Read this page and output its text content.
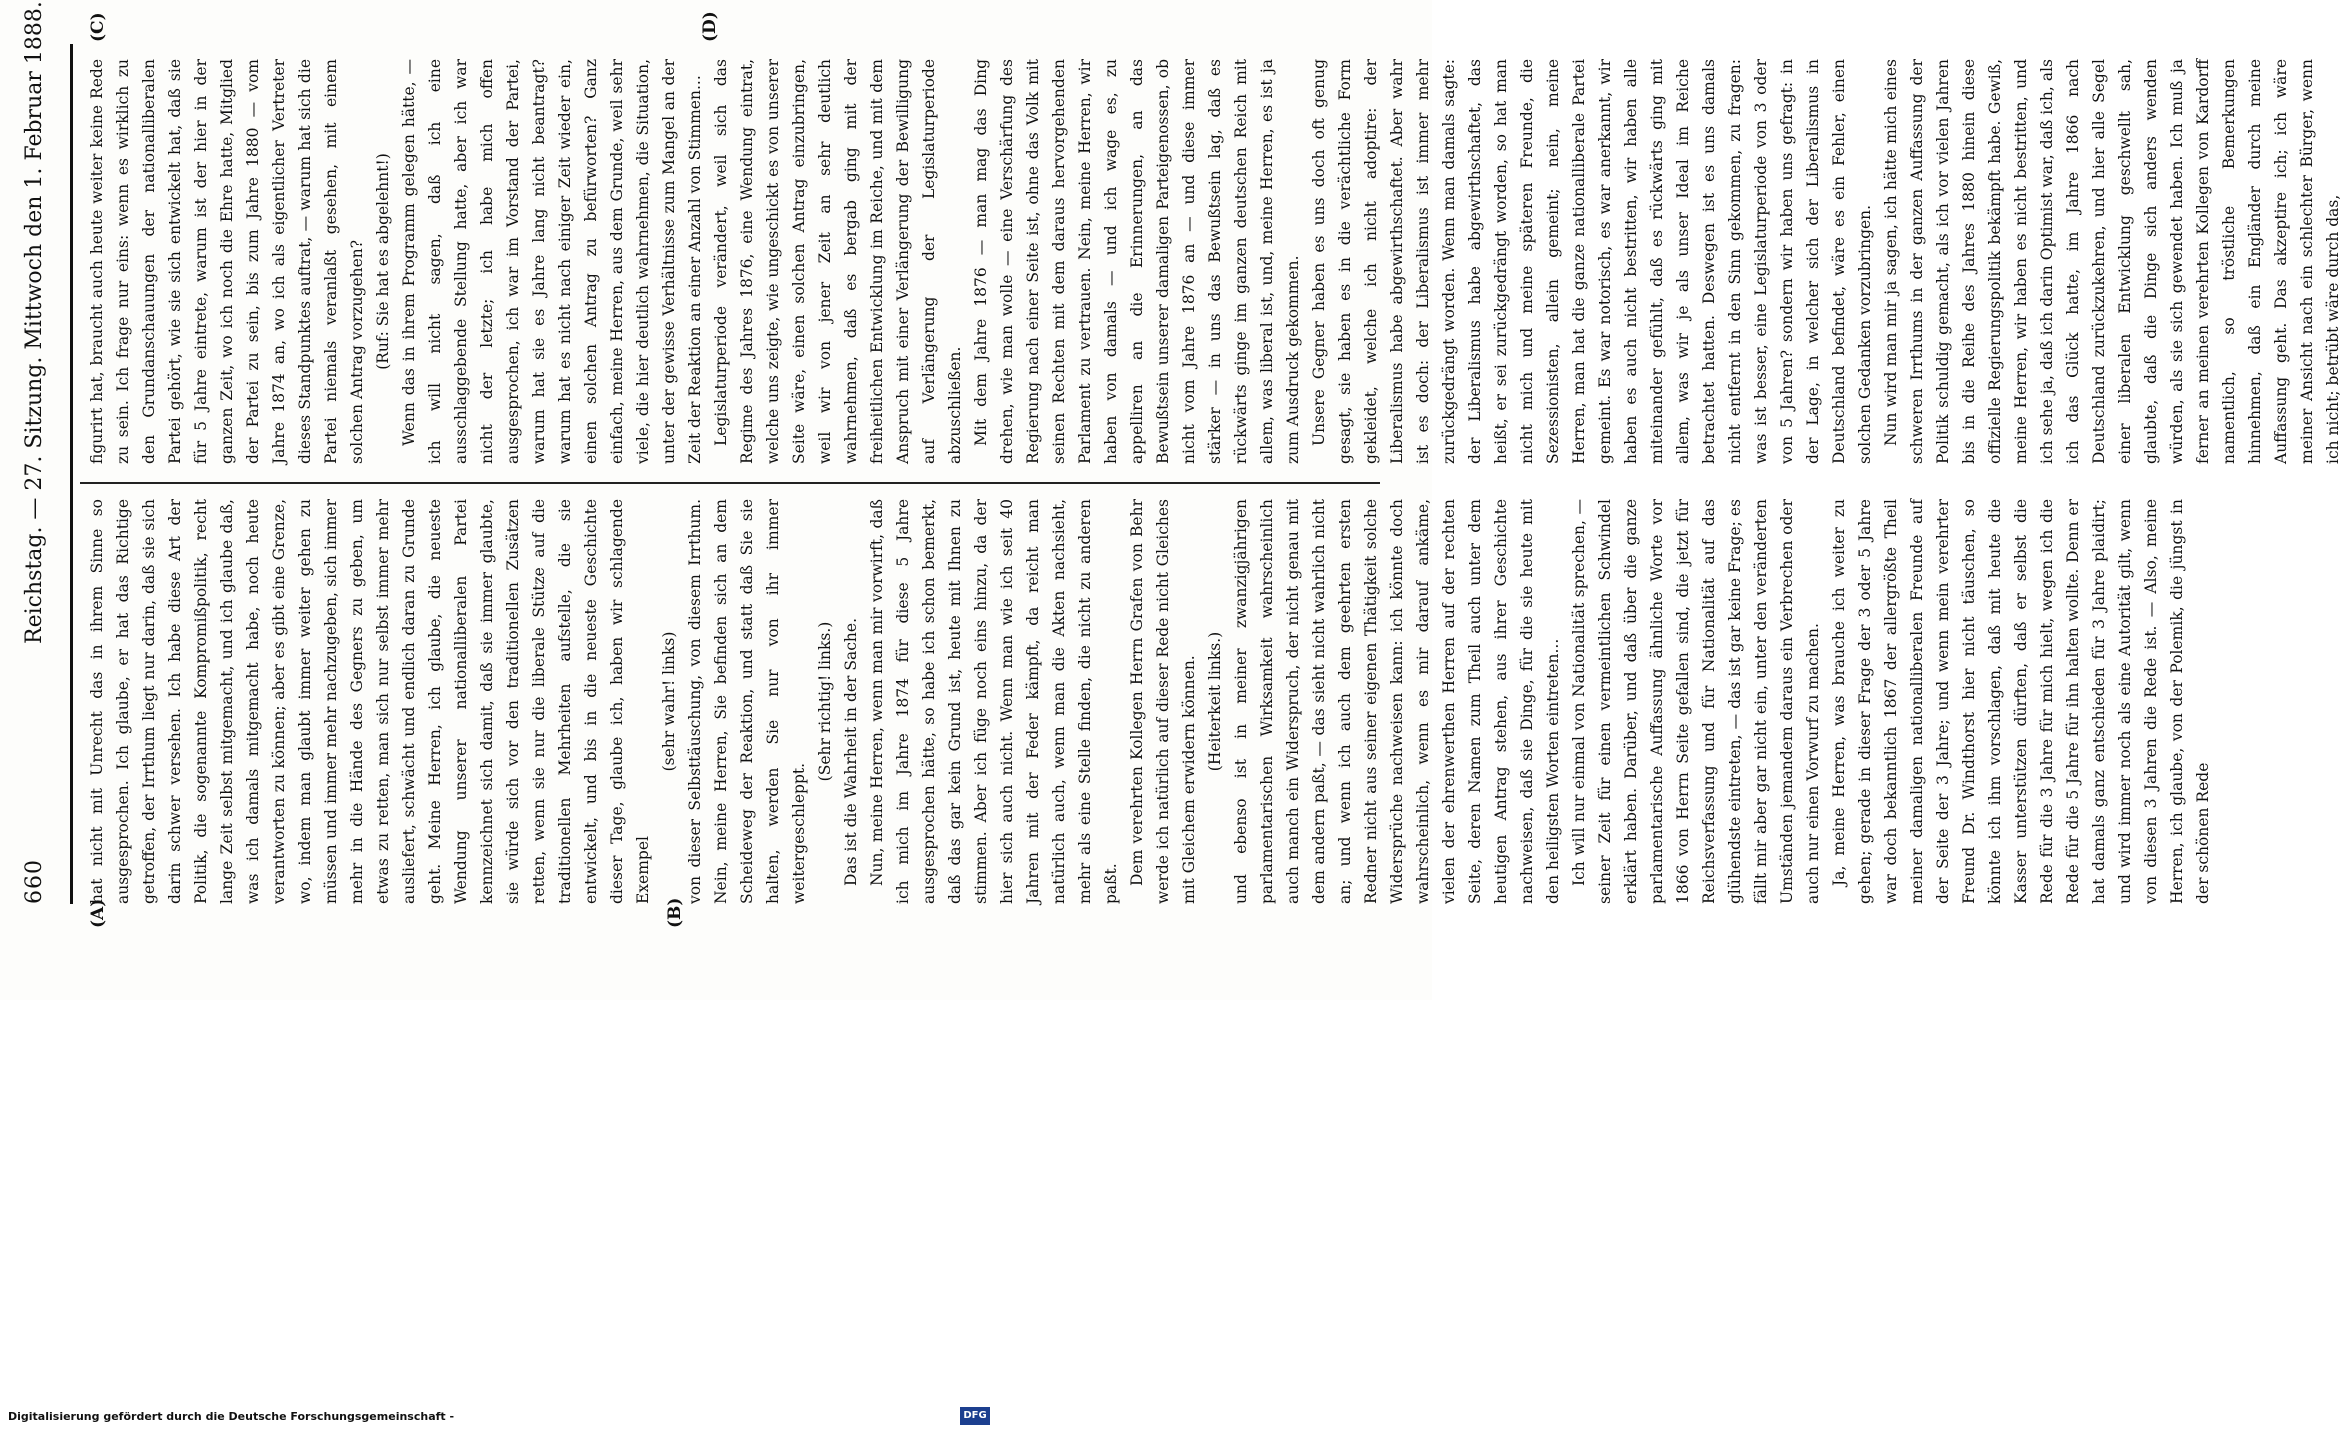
660
Reichstag. — 27. Sitzung. Mittwoch den 1. Februar 1888.
(A)	(B)
(C)	(D)

hat nicht mit Unrecht das in ihrem Sinne so ausgesprochen. Ich glaube, er hat das Richtige getroffen, der Irrthum liegt nur darin, daß sie sich darin schwer versehen. Ich habe diese Art der Politik, die sogenannte Kompromißpolitik, recht lange Zeit selbst mitgemacht, und ich glaube daß, was ich damals mitgemacht habe, noch heute verantworten zu können; aber es gibt eine Grenze, wo, indem man glaubt immer weiter gehen zu müssen und immer mehr nachzugeben, sich immer mehr in die Hände des Gegners zu geben, um etwas zu retten, man sich nur selbst immer mehr ausliefert, schwächt und endlich daran zu Grunde geht. Meine Herren, ich glaube, die neueste Wendung unserer nationalliberalen Partei kennzeichnet sich damit, daß sie immer glaubte, sie würde sich vor den traditionellen Zusätzen retten, wenn sie nur die liberale Stütze auf die traditionellen Mehrheiten aufstelle, die sie entwickelt, und bis in die neueste Geschichte dieser Tage, glaube ich, haben wir schlagende Exempel

(sehr wahr! links) von dieser Selbsttäuschung, von diesem Irrthum. Nein, meine Herren, Sie befinden sich an dem Scheideweg der Reaktion, und statt daß Sie sie halten, werden Sie nur von ihr immer weitergeschleppt.

(Sehr richtig! links.) Das ist die Wahrheit in der Sache. Nun, meine Herren, wenn man mir vorwirft, daß ich mich im Jahre 1874 für diese 5 Jahre ausgesprochen hätte, so habe ich schon bemerkt, daß das gar kein Grund ist, heute mit Ihnen zu stimmen. Aber ich füge noch eins hinzu, da der hier sich auch nicht. Wenn man wie ich seit 40 Jahren mit der Feder kämpft, da reicht man natürlich auch, wenn man die Akten nachsieht, mehr als eine Stelle finden, die nicht zu anderen paßt. Dem verehrten Kollegen Herrn Grafen von Behr werde ich natürlich auf dieser Rede nicht Gleiches mit Gleichem erwidern können. (Heiterkeit links.) und ebenso ist in meiner zwanzigjährigen parlamentarischen Wirksamkeit wahrscheinlich auch manch ein Widerspruch, der nicht genau mit dem andern paßt, — das sieht nicht wahrlich nicht an; und wenn ich auch dem geehrten ersten Redner nicht aus seiner eigenen Thätigkeit solche Widersprüche nachweisen kann: ich könnte doch wahrscheinlich, wenn es mir darauf ankäme, vielen der ehrenwerthen Herren auf der rechten Seite, deren Namen zum Theil auch unter dem heutigen Antrag stehen, aus ihrer Geschichte nachweisen, daß sie Dinge, für die sie heute mit den heiligsten Worten eintreten... Ich will nur einmal von Nationalität sprechen, — seiner Zeit für einen vermeintlichen Schwindel erklärt haben. Darüber, und daß über die ganze parlamentarische Auffassung ähnliche Worte vor 1866 von Herrn Seite gefallen sind, die jetzt für Reichsverfassung und für Nationalität auf das glühendste eintreten, — das ist gar keine Frage; es fällt mir aber gar nicht ein, unter den veränderten Umständen jemandem daraus ein Verbrechen oder auch nur einen Vorwurf zu machen. Ja, meine Herren, was brauche ich weiter zu gehen; gerade in dieser Frage der 3 oder 5 Jahre war doch bekanntlich 1867 der allergrößte Theil meiner damaligen nationalliberalen Freunde auf der Seite der 3 Jahre; und wenn mein verehrter Freund Dr. Windthorst hier nicht täuschen, so könnte ich ihm vorschlagen, daß mit heute die Kasser unterstützen dürften, daß er selbst die Rede für die 3 Jahre für mich hielt, wegen ich die Rede für die 5 Jahre für ihn halten wollte. Denn er hat damals ganz entschieden für 3 Jahre plaidirt; und wird immer noch als eine Autorität gilt, wenn von diesen 3 Jahren die Rede ist. — Also, meine Herren, ich glaube, von der Polemik, die jüngst in der schönen Rede

figurirt hat, braucht auch heute weiter keine Rede zu sein. Ich frage nur eins: wenn es wirklich zu den Grundanschauungen der nationalliberalen Partei gehört, wie sie sich entwickelt hat, daß sie für 5 Jahre eintrete, warum ist der hier in der ganzen Zeit, wo ich noch die Ehre hatte, Mitglied der Partei zu sein, bis zum Jahre 1880 — vom Jahre 1874 an, wo ich als eigentlicher Vertreter dieses Standpunktes auftrat, — warum hat sich die Partei niemals veranlaßt gesehen, mit einem solchen Antrag vorzugehen? (Ruf: Sie hat es abgelehnt!) Wenn das in ihrem Programm gelegen hätte, — ich will nicht sagen, daß ich eine ausschlaggebende Stellung hatte, aber ich war nicht der letzte; ich habe mich offen ausgesprochen, ich war im Vorstand der Partei, warum hat sie es Jahre lang nicht beantragt? warum hat es nicht nach einiger Zeit wieder ein, einen solchen Antrag zu befürworten? Ganz einfach, meine Herren, aus dem Grunde, weil sehr viele, die hier deutlich wahrnehmen, die Situation, unter der gewisse Verhältnisse zum Mangel an der Zeit der Reaktion an einer Anzahl von Stimmen... Legislaturperiode verändert, weil sich das Regime des Jahres 1876, eine Wendung eintrat, welche uns zeigte, wie ungeschickt es von unserer Seite wäre, einen solchen Antrag einzubringen, weil wir von jener Zeit an sehr deutlich wahrnehmen, daß es bergab ging mit der freiheitlichen Entwicklung im Reiche, und mit dem Anspruch mit einer Verlängerung der Bewilligung auf Verlängerung der Legislaturperiode abzuschließen. Mit dem Jahre 1876 — man mag das Ding drehen, wie man wolle — eine Verschärfung des Regierung nach einer Seite ist, ohne das Volk mit seinen Rechten mit dem daraus hervorgehenden Parlament zu vertrauen. Nein, meine Herren, wir haben von damals — und ich wage es, zu appelliren an die Erinnerungen, an das Bewußtsein unserer damaligen Parteigenossen, ob nicht vom Jahre 1876 an — und diese immer stärker — in uns das Bewußtsein lag, daß es rückwärts ginge im ganzen deutschen Reich mit allem, was liberal ist, und, meine Herren, es ist ja zum Ausdruck gekommen. Unsere Gegner haben es uns doch oft genug gesagt, sie haben es in die verächtliche Form gekleidet, welche ich nicht adoptire: der Liberalismus habe abgewirthschaftet. Aber wahr ist es doch: der Liberalismus ist immer mehr zurückgedrängt worden. Wenn man damals sagte: der Liberalismus habe abgewirthschaftet, das heißt, er sei zurückgedrängt worden, so hat man nicht mich und meine späteren Freunde, die Sezessionisten, allein gemeint; nein, meine Herren, man hat die ganze nationalliberale Partei gemeint. Es war notorisch, es war anerkannt, wir haben es auch nicht bestritten, wir haben alle miteinander gefühlt, daß es rückwärts ging mit allem, was wir je als unser Ideal im Reiche betrachtet hatten. Deswegen ist es uns damals nicht entfernt in den Sinn gekommen, zu fragen: was ist besser, eine Legislaturperiode von 3 oder von 5 Jahren? sondern wir haben uns gefragt: in der Lage, in welcher sich der Liberalismus in Deutschland befindet, wäre es ein Fehler, einen solchen Gedanken vorzubringen. Nun wird man mir ja sagen, ich hätte mich eines schweren Irrthums in der ganzen Auffassung der Politik schuldig gemacht, als ich vor vielen Jahren bis in die Reihe des Jahres 1880 hinein diese offizielle Regierungspolitik bekämpft habe. Gewiß, meine Herren, wir haben es nicht bestritten, und ich sehe ja, daß ich darin Optimist war, daß ich, als ich das Glück hatte, im Jahre 1866 nach Deutschland zurückzukehren, und hier alle Segel einer liberalen Entwicklung geschwellt sah, glaubte, daß die Dinge sich anders wenden würden, als sie sich gewendet haben. Ich muß ja ferner an meinen verehrten Kollegen von Kardorff namentlich, so tröstliche Bemerkungen hinnehmen, daß ein Engländer durch meine Auffassung geht. Das akzeptire ich; ich wäre meiner Ansicht nach ein schlechter Bürger, wenn ich nicht; betrübt wäre durch das,

Digitalisierung gefördert durch die Deutsche Forschungsgemeinschaft -	DFG
